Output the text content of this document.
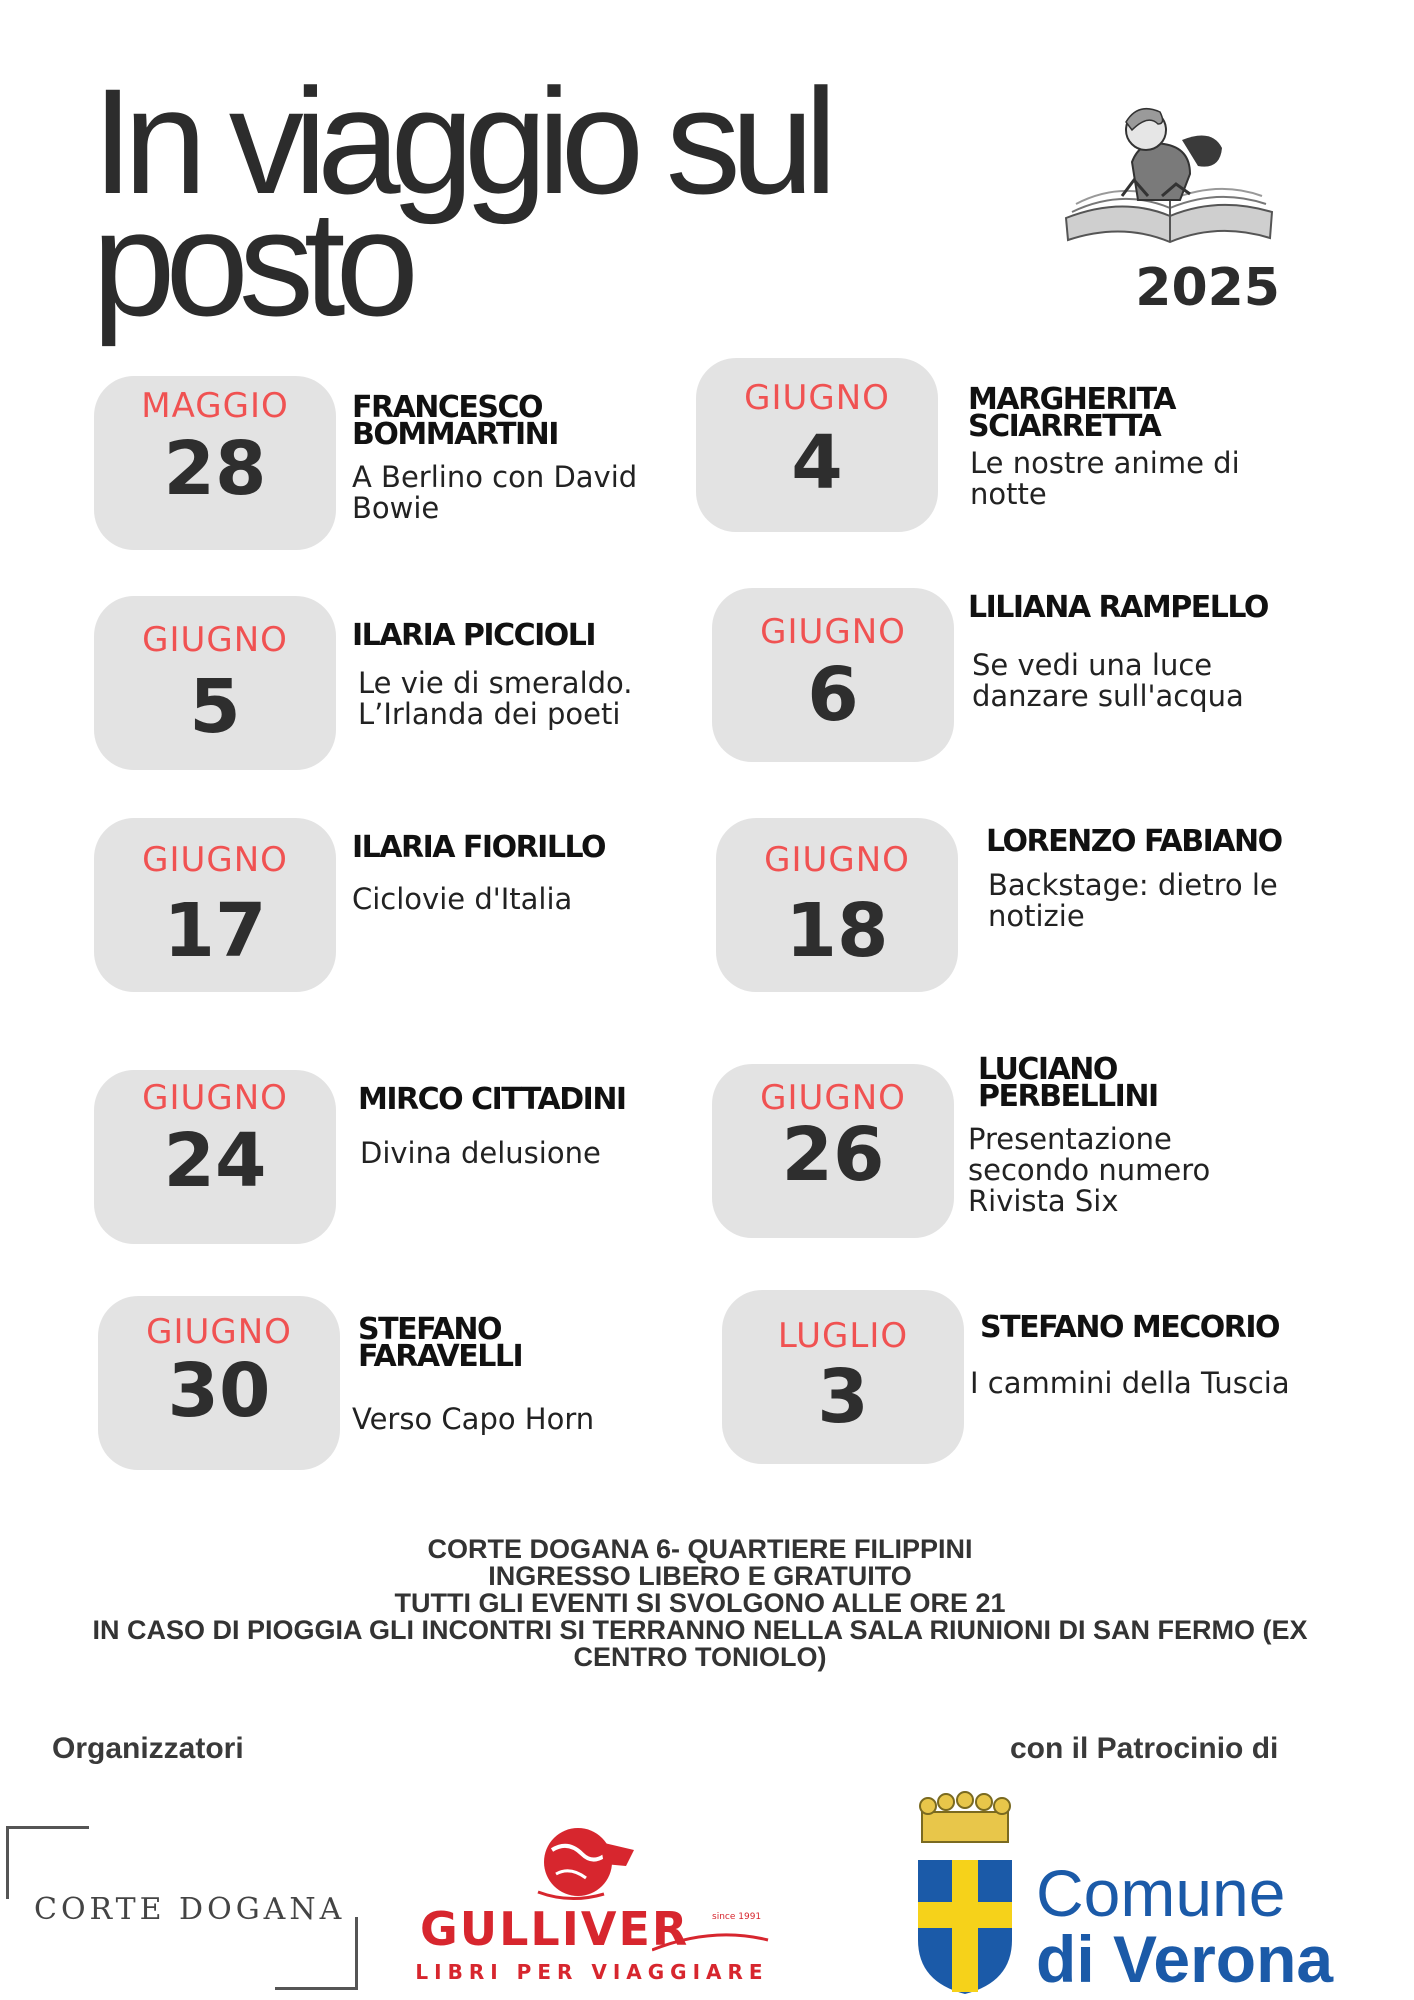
In viaggio sul
posto	2025
MAGGIO
28
FRANCESCO BOMMARTINI
A Berlino con David Bowie
GIUGNO
4
MARGHERITA SCIARRETTA
Le nostre anime di notte
GIUGNO
5
ILARIA PICCIOLI
Le vie di smeraldo. L’Irlanda dei poeti
GIUGNO
6
LILIANA RAMPELLO
Se vedi una luce danzare sull'acqua
GIUGNO
17
ILARIA FIORILLO
Ciclovie d'Italia
GIUGNO
18
LORENZO FABIANO
Backstage: dietro le notizie
GIUGNO
24
MIRCO CITTADINI
Divina delusione
GIUGNO
26
LUCIANO PERBELLINI
Presentazione secondo numero Rivista Six
GIUGNO
30
STEFANO FARAVELLI
Verso Capo Horn
LUGLIO
3
STEFANO MECORIO
I cammini della Tuscia
CORTE DOGANA 6- QUARTIERE FILIPPINI
INGRESSO LIBERO E GRATUITO
TUTTI GLI EVENTI SI SVOLGONO ALLE ORE 21
IN CASO DI PIOGGIA GLI INCONTRI SI TERRANNO NELLA SALA RIUNIONI DI SAN FERMO (EX
CENTRO TONIOLO)
Organizzatori	con il Patrocinio di
CORTE DOGANA GULLIVER	since 1991
LIBRI PER VIAGGIARE
Comune
di Verona
